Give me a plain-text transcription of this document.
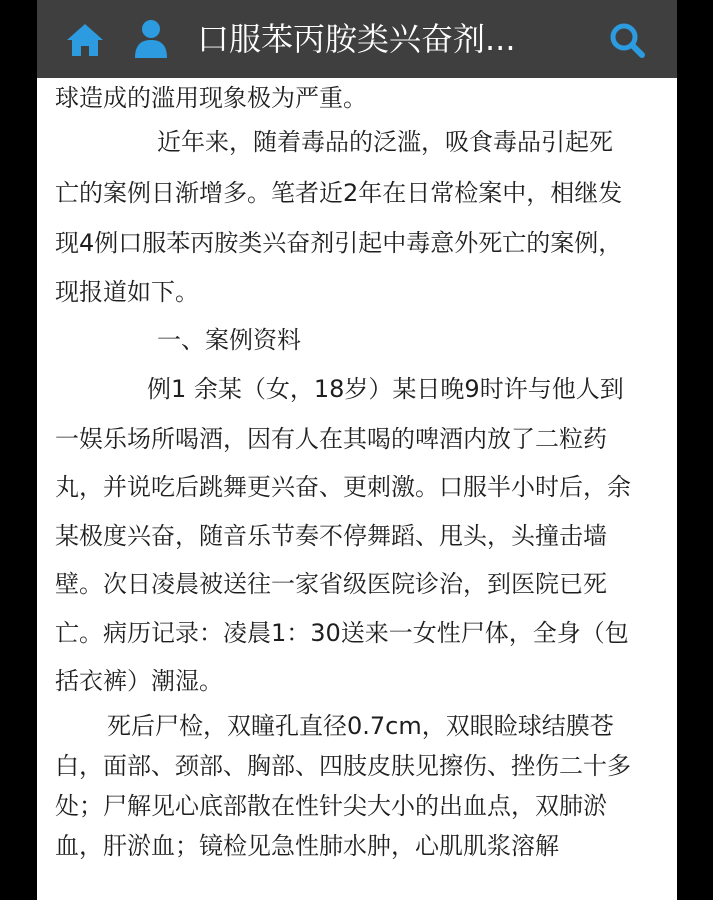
口服苯丙胺类兴奋剂...
球造成的滥用现象极为严重。
近年来，随着毒品的泛滥，吸食毒品引起死
亡的案例日渐增多。笔者近2年在日常检案中，相继发
现4例口服苯丙胺类兴奋剂引起中毒意外死亡的案例，
现报道如下。
一、案例资料
例1 余某（女，18岁）某日晚9时许与他人到
一娱乐场所喝酒，因有人在其喝的啤酒内放了二粒药
丸，并说吃后跳舞更兴奋、更刺激。口服半小时后，余
某极度兴奋，随音乐节奏不停舞蹈、甩头，头撞击墙
壁。次日凌晨被送往一家省级医院诊治，到医院已死
亡。病历记录：凌晨1：30送来一女性尸体，全身（包
括衣裤）潮湿。
死后尸检，双瞳孔直径0.7cm，双眼睑球结膜苍
白，面部、颈部、胸部、四肢皮肤见擦伤、挫伤二十多
处；尸解见心底部散在性针尖大小的出血点，双肺淤
血，肝淤血；镜检见急性肺水肿，心肌肌浆溶解
